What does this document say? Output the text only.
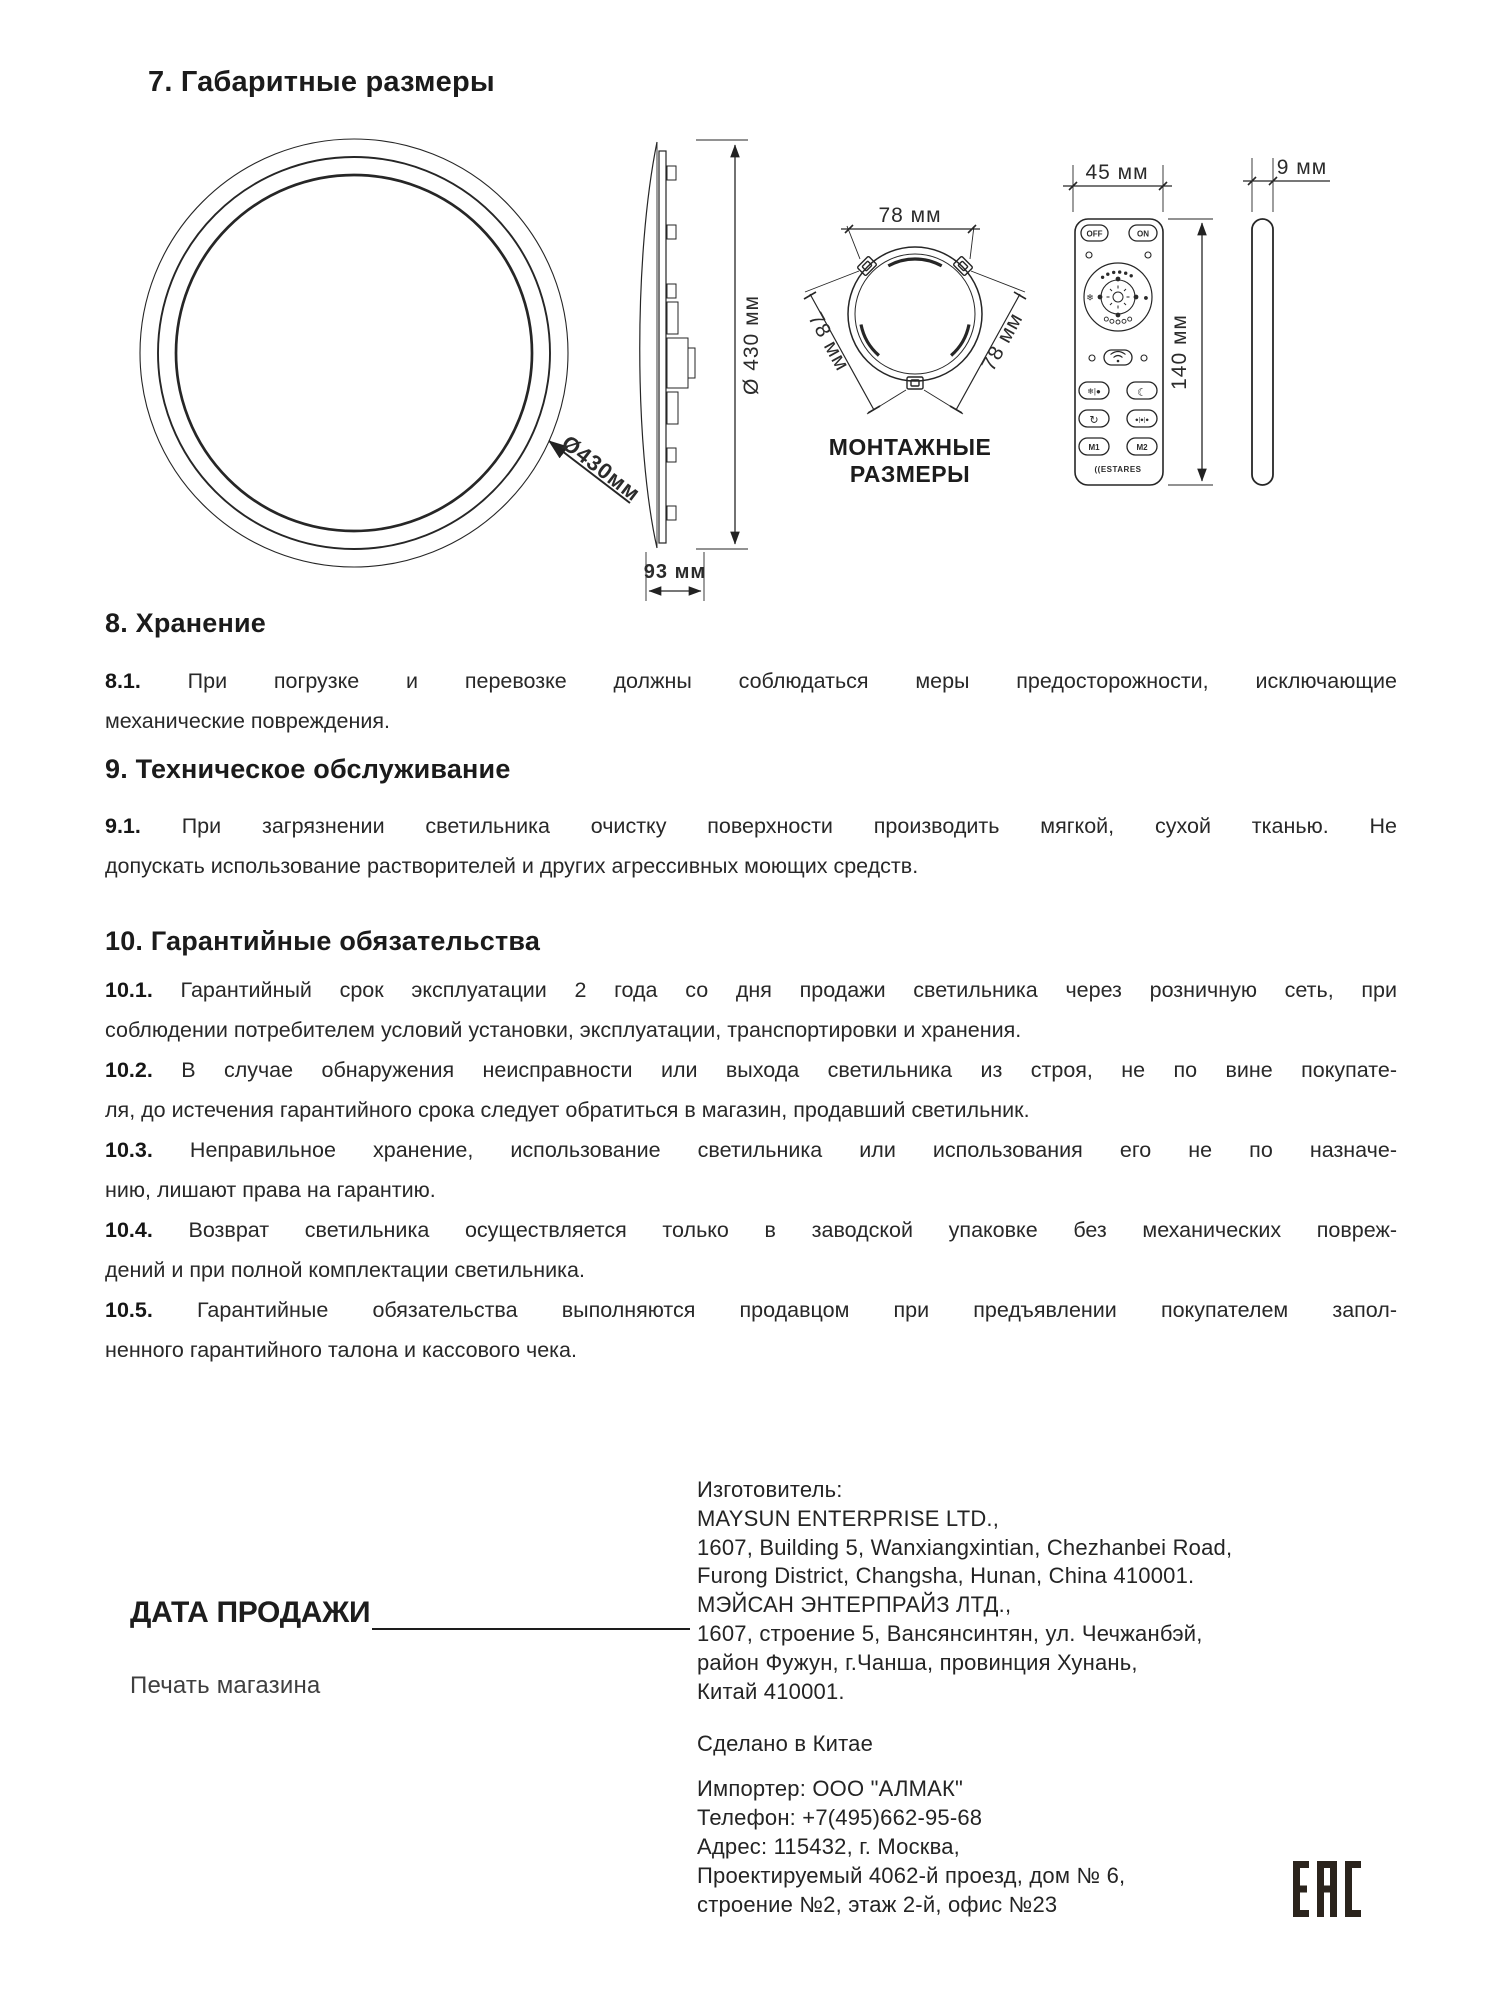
7. Габаритные размеры
Ø430мм
Ø 430 мм
93 мм
78 мм
78 мм	78 мм
МОНТАЖНЫЕ
РАЗМЕРЫ
OFF	ON
❄	●
❄|●	☾
↻	●|●|●
M1	M2
((ESTARES
45 мм
140 мм
9 мм
8. Хранение
8.1. При погрузке и перевозке должны соблюдаться меры предосторожности, исключающие
механические повреждения.
9. Техническое обслуживание
9.1. При загрязнении светильника очистку поверхности производить мягкой, сухой тканью. Не
допускать использование растворителей и других агрессивных моющих средств.
10. Гарантийные обязательства
10.1. Гарантийный срок эксплуатации 2 года со дня продажи светильника через розничную сеть, при
соблюдении потребителем условий установки, эксплуатации, транспортировки и хранения.
10.2. В случае обнаружения неисправности или выхода светильника из строя, не по вине покупате-
ля, до истечения гарантийного срока следует обратиться в магазин, продавший светильник.
10.3. Неправильное хранение, использование светильника или использования его не по назначе-
нию, лишают права на гарантию.
10.4. Возврат светильника осуществляется только в заводской упаковке без механических повреж-
дений и при полной комплектации светильника.
10.5. Гарантийные обязательства выполняются продавцом при предъявлении покупателем запол-
ненного гарантийного талона и кассового чека.
ДАТА ПРОДАЖИ
Печать магазина
Изготовитель:
MAYSUN ENTERPRISE LTD.,
1607, Building 5, Wanxiangxintian, Chezhanbei Road,
Furong District, Changsha, Hunan, China 410001.
МЭЙСАН ЭНТЕРПРАЙЗ ЛТД.,
1607, строение 5, Вансянсинтян, ул. Чечжанбэй,
район Фужун, г.Чанша, провинция Хунань,
Китай 410001.
Сделано в Китае
Импортер: ООО "АЛМАК"
Телефон: +7(495)662-95-68
Адрес: 115432, г. Москва,
Проектируемый 4062-й проезд, дом № 6,
строение №2, этаж 2-й, офис №23
